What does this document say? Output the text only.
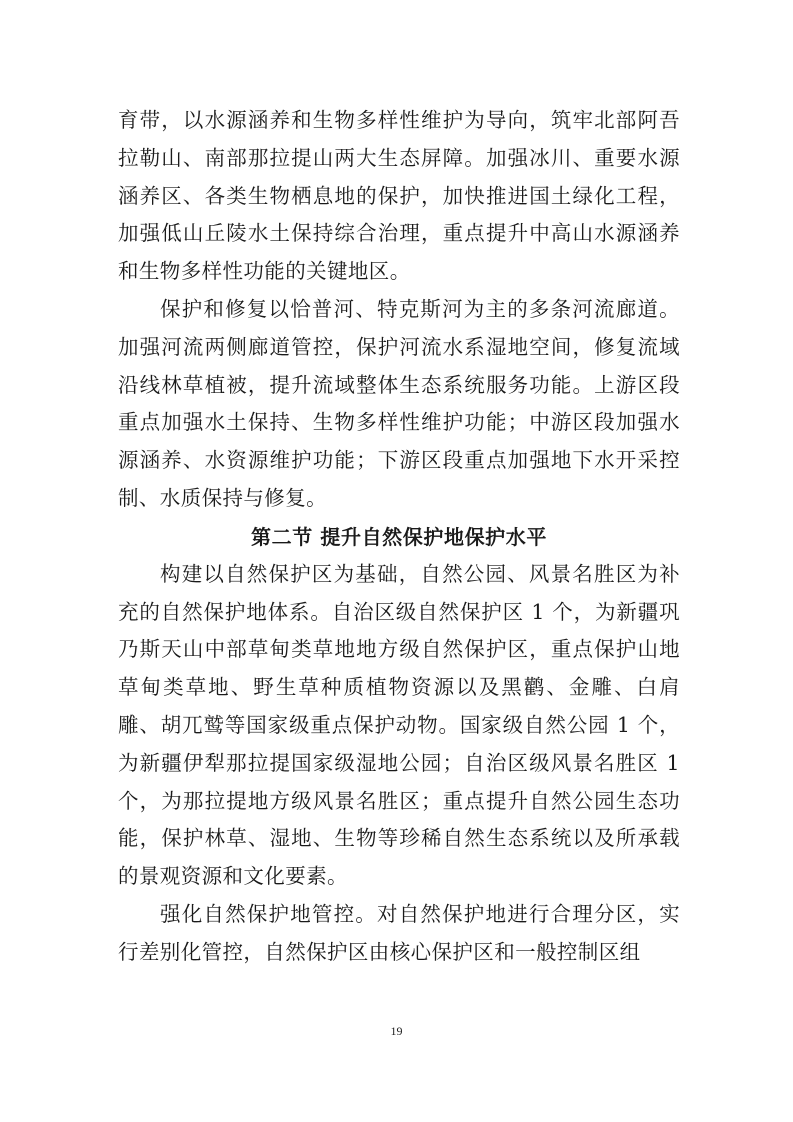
育带，以水源涵养和生物多样性维护为导向，筑牢北部阿吾拉勒山、南部那拉提山两大生态屏障。加强冰川、重要水源涵养区、各类生物栖息地的保护，加快推进国土绿化工程，加强低山丘陵水土保持综合治理，重点提升中高山水源涵养和生物多样性功能的关键地区。

保护和修复以恰普河、特克斯河为主的多条河流廊道。加强河流两侧廊道管控，保护河流水系湿地空间，修复流域沿线林草植被，提升流域整体生态系统服务功能。上游区段重点加强水土保持、生物多样性维护功能；中游区段加强水源涵养、水资源维护功能；下游区段重点加强地下水开采控制、水质保持与修复。

第二节 提升自然保护地保护水平

构建以自然保护区为基础，自然公园、风景名胜区为补充的自然保护地体系。自治区级自然保护区 1 个，为新疆巩乃斯天山中部草甸类草地地方级自然保护区，重点保护山地草甸类草地、野生草种质植物资源以及黑鹳、金雕、白肩雕、胡兀鹫等国家级重点保护动物。国家级自然公园 1 个，为新疆伊犁那拉提国家级湿地公园；自治区级风景名胜区 1 个，为那拉提地方级风景名胜区；重点提升自然公园生态功能，保护林草、湿地、生物等珍稀自然生态系统以及所承载的景观资源和文化要素。

强化自然保护地管控。对自然保护地进行合理分区，实行差别化管控，自然保护区由核心保护区和一般控制区组

19
